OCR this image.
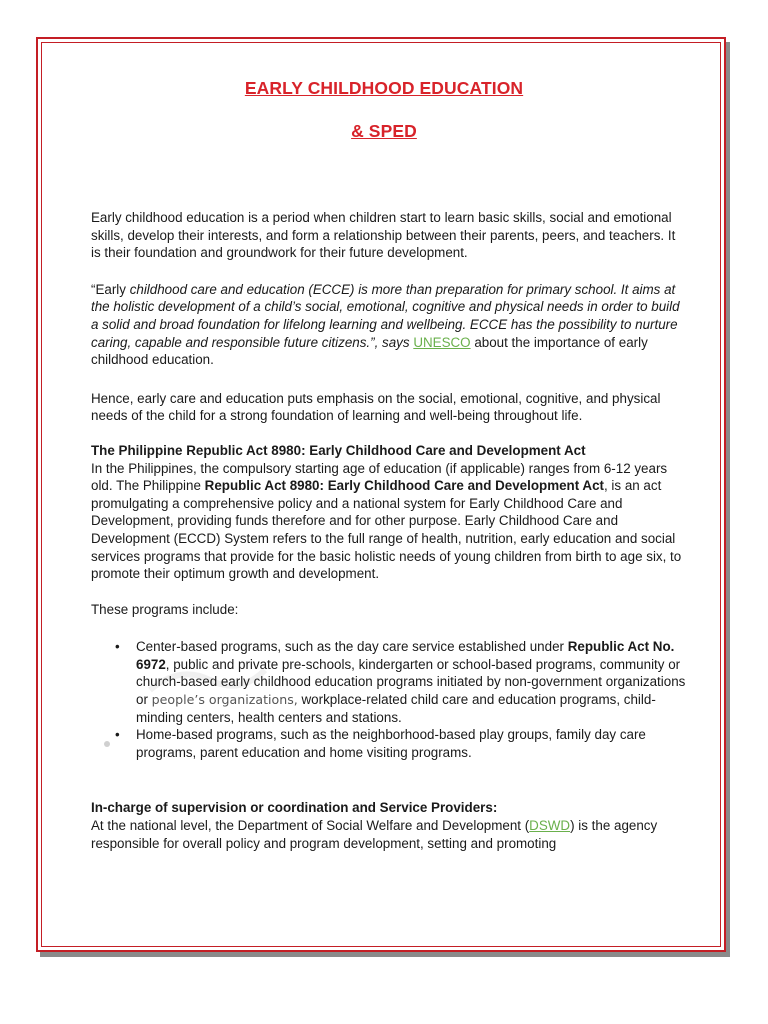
EARLY CHILDHOOD EDUCATION
& SPED

Early childhood education is a period when children start to learn basic skills, social and emotional skills, develop their interests, and form a relationship between their parents, peers, and teachers. It is their foundation and groundwork for their future development.

“Early childhood care and education (ECCE) is more than preparation for primary school. It aims at the holistic development of a child’s social, emotional, cognitive and physical needs in order to build a solid and broad foundation for lifelong learning and wellbeing. ECCE has the possibility to nurture caring, capable and responsible future citizens.”, says UNESCO about the importance of early childhood education.

Hence, early care and education puts emphasis on the social, emotional, cognitive, and physical needs of the child for a strong foundation of learning and well-being throughout life.

The Philippine Republic Act 8980: Early Childhood Care and Development Act

In the Philippines, the compulsory starting age of education (if applicable) ranges from 6-12 years old. The Philippine Republic Act 8980: Early Childhood Care and Development Act, is an act promulgating a comprehensive policy and a national system for Early Childhood Care and Development, providing funds therefore and for other purpose. Early Childhood Care and Development (ECCD) System refers to the full range of health, nutrition, early education and social services programs that provide for the basic holistic needs of young children from birth to age six, to promote their optimum growth and development.

These programs include:

• Center-based programs, such as the day care service established under Republic Act No. 6972, public and private pre-schools, kindergarten or school-based programs, community or church-based early childhood education programs initiated by non-government organizations or people’s organizations, workplace-related child care and education programs, child-minding centers, health centers and stations.
• Home-based programs, such as the neighborhood-based play groups, family day care programs, parent education and home visiting programs.

In-charge of supervision or coordination and Service Providers:

At the national level, the Department of Social Welfare and Development (DSWD) is the agency responsible for overall policy and program development, setting and promoting
